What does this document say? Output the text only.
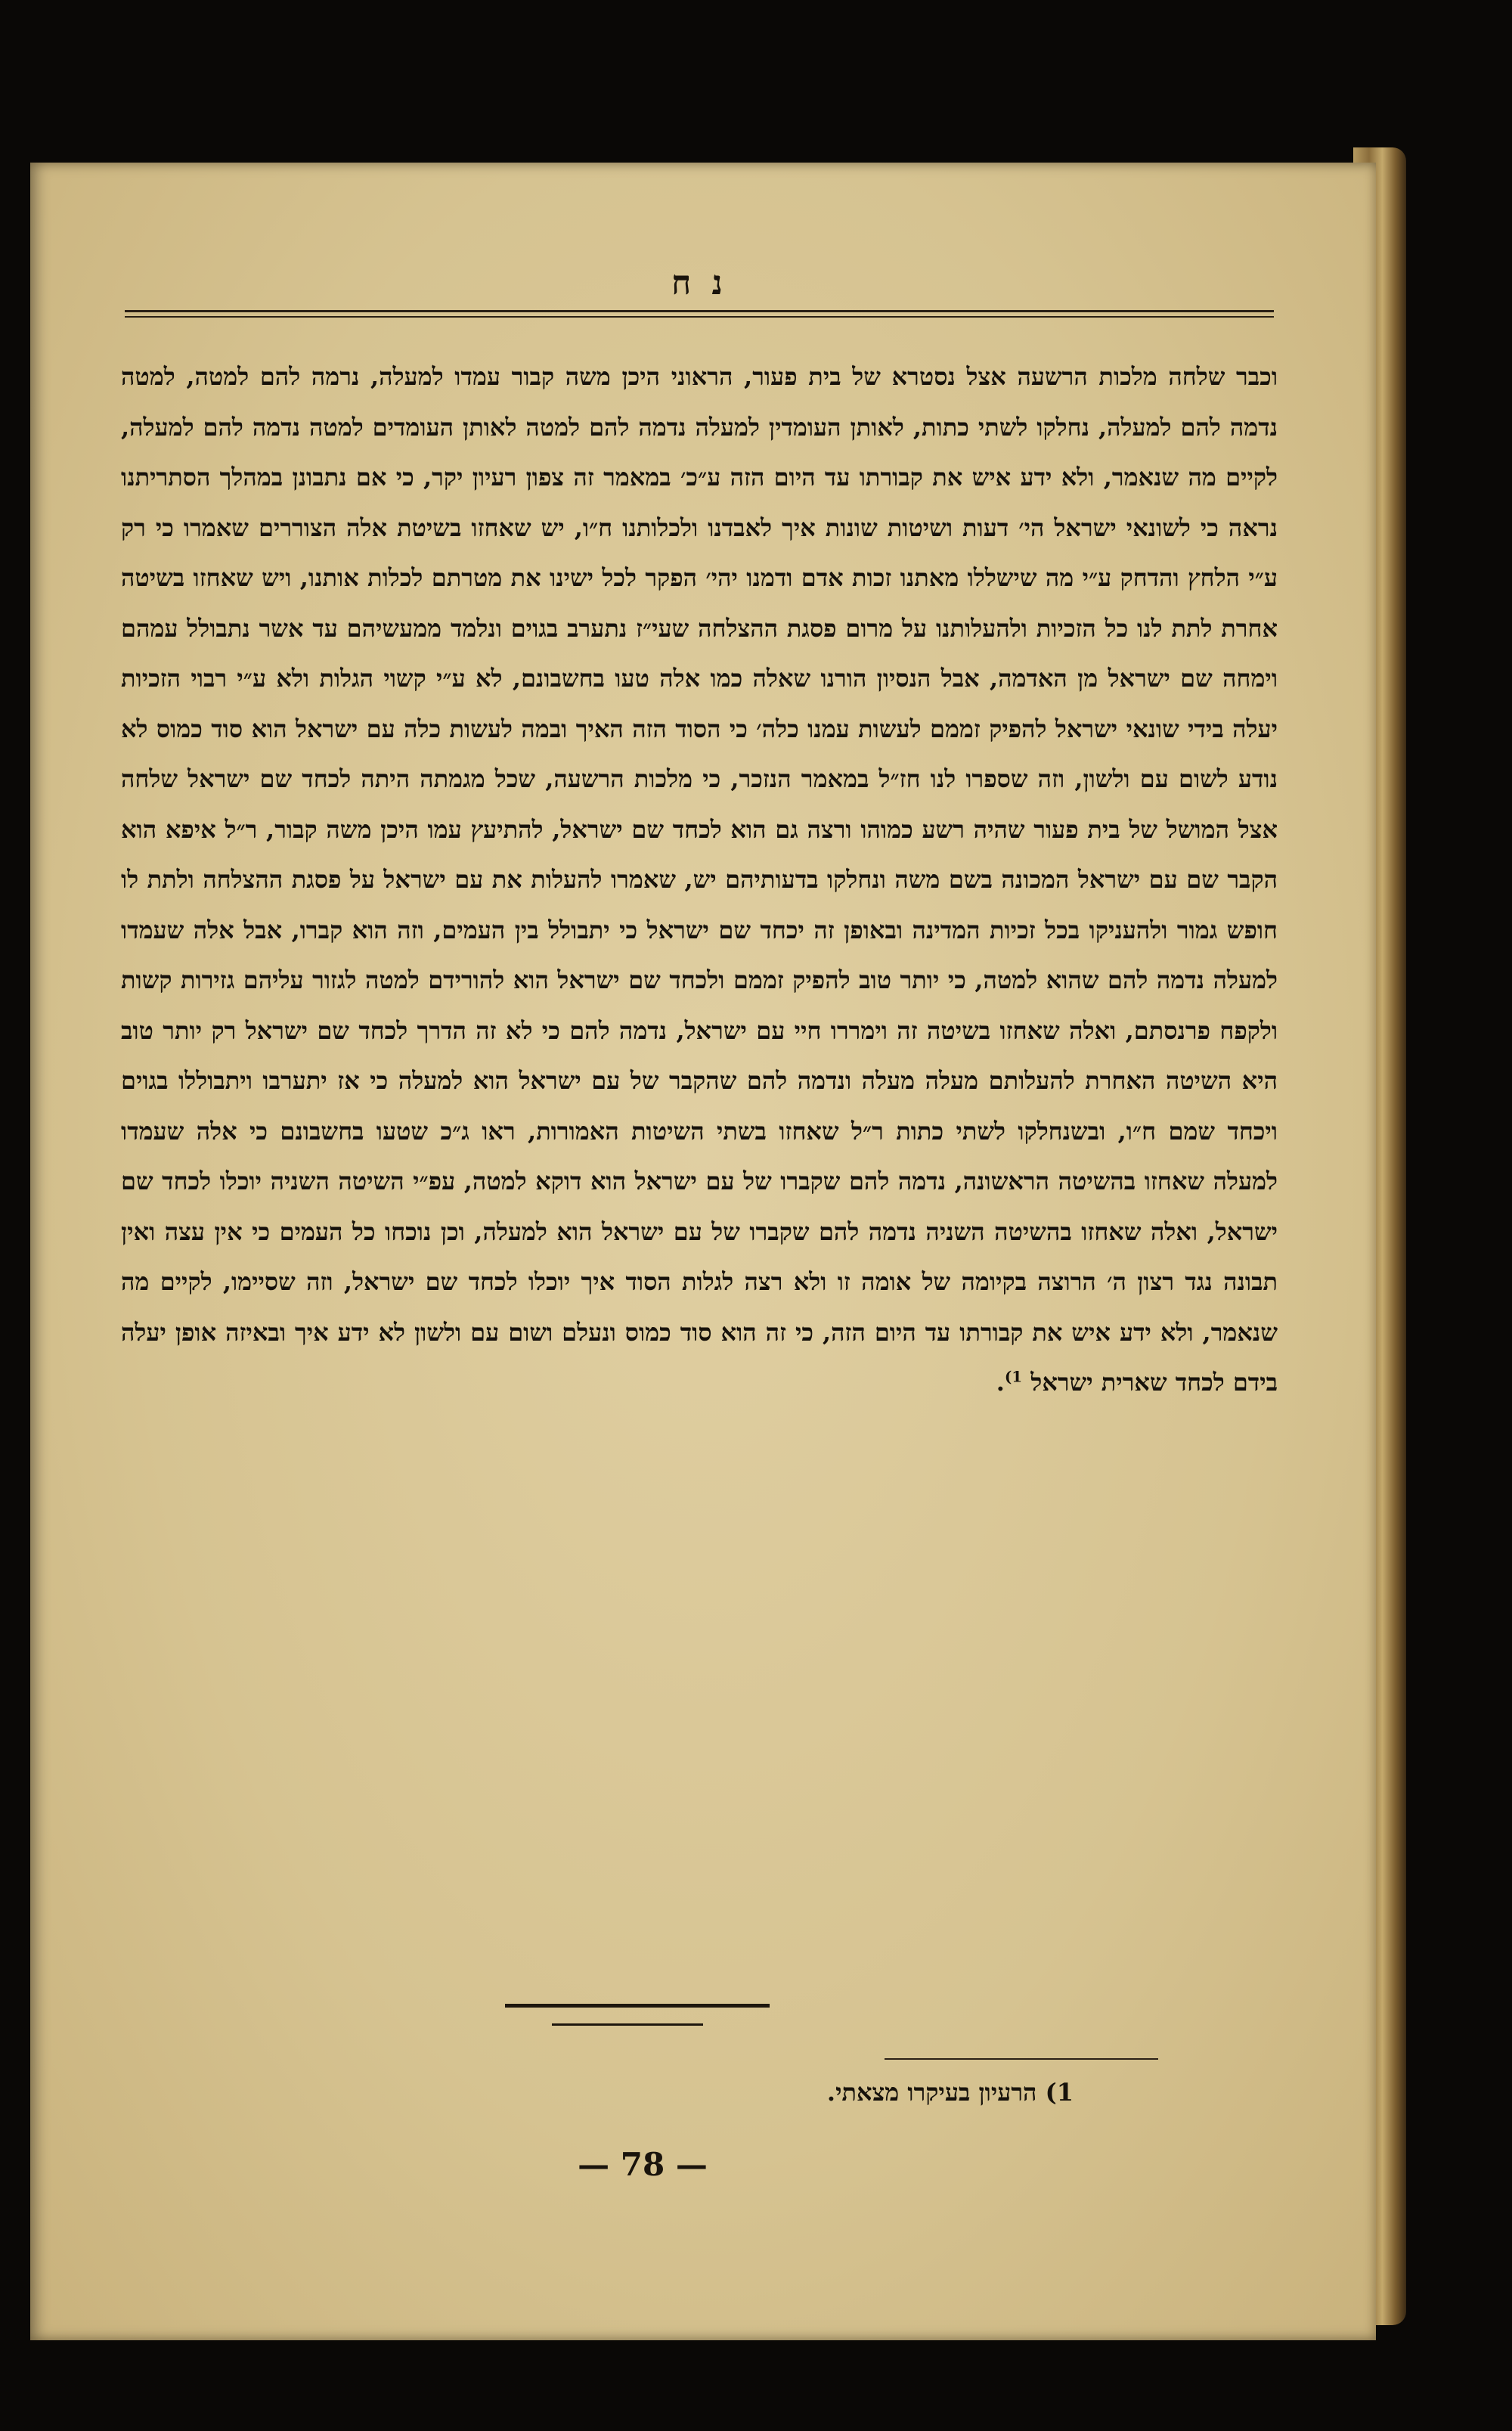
נ ח
וכבר שלחה מלכות הרשעה אצל נסטרא של בית פעור, הראוני היכן משה קבור עמדו למעלה, נרמה להם למטה, למטה נדמה להם למעלה, נחלקו לשתי כתות, לאותן העומדין למעלה נדמה להם למטה לאותן העומדים למטה נדמה להם למעלה, לקיים מה שנאמר, ולא ידע איש את קבורתו עד היום הזה ע״כ׳ במאמר זה צפון רעיון יקר, כי אם נתבונן במהלך הסתריתנו נראה כי לשונאי ישראל הי׳ דעות ושיטות שונות איך לאבדנו ולכלותנו ח״ו, יש שאחזו בשיטת אלה הצוררים שאמרו כי רק ע״י הלחץ והדחק ע״י מה שישללו מאתנו זכות אדם ודמנו יהי׳ הפקר לכל ישינו את מטרתם לכלות אותנו, ויש שאחזו בשיטה אחרת לתת לנו כל הזכיות ולהעלותנו על מרום פסגת ההצלחה שעי״ז נתערב בגוים ונלמד ממעשיהם עד אשר נתבולל עמהם וימחה שם ישראל מן האדמה, אבל הנסיון הורנו שאלה כמו אלה טעו בחשבונם, לא ע״י קשוי הגלות ולא ע״י רבוי הזכיות יעלה בידי שונאי ישראל להפיק זממם לעשות עמנו כלה׳ כי הסוד הזה האיך ובמה לעשות כלה עם ישראל הוא סוד כמוס לא נודע לשום עם ולשון, וזה שספרו לנו חז״ל במאמר הנזכר, כי מלכות הרשעה, שכל מגמתה היתה לכחד שם ישראל שלחה אצל המושל של בית פעור שהיה רשע כמוהו ורצה גם הוא לכחד שם ישראל, להתיעץ עמו היכן משה קבור, ר״ל איפא הוא הקבר שם עם ישראל המכונה בשם משה ונחלקו בדעותיהם יש, שאמרו להעלות את עם ישראל על פסגת ההצלחה ולתת לו חופש גמור ולהעניקו בכל זכיות המדינה ובאופן זה יכחד שם ישראל כי יתבולל בין העמים, וזה הוא קברו, אבל אלה שעמדו למעלה נדמה להם שהוא למטה, כי יותר טוב להפיק זממם ולכחד שם ישראל הוא להורידם למטה לגזור עליהם גזירות קשות ולקפח פרנסתם, ואלה שאחזו בשיטה זה וימררו חיי עם ישראל, נדמה להם כי לא זה הדרך לכחד שם ישראל רק יותר טוב היא השיטה האחרת להעלותם מעלה מעלה ונדמה להם שהקבר של עם ישראל הוא למעלה כי אז יתערבו ויתבוללו בגוים ויכחד שמם ח״ו, ובשנחלקו לשתי כתות ר״ל שאחזו בשתי השיטות האמורות, ראו ג״כ שטעו בחשבונם כי אלה שעמדו למעלה שאחזו בהשיטה הראשונה, נדמה להם שקברו של עם ישראל הוא דוקא למטה, עפ״י השיטה השניה יוכלו לכחד שם ישראל, ואלה שאחזו בהשיטה השניה נדמה להם שקברו של עם ישראל הוא למעלה, וכן נוכחו כל העמים כי אין עצה ואין תבונה נגד רצון ה׳ הרוצה בקיומה של אומה זו ולא רצה לגלות הסוד איך יוכלו לכחד שם ישראל, וזה שסיימו, לקיים מה שנאמר, ולא ידע איש את קבורתו עד היום הזה, כי זה הוא סוד כמוס ונעלם ושום עם ולשון לא ידע איך ובאיזה אופן יעלה בידם לכחד שארית ישראל $^{1)}$.
1) הרעיון בעיקרו מצאתי.
— 78 —
